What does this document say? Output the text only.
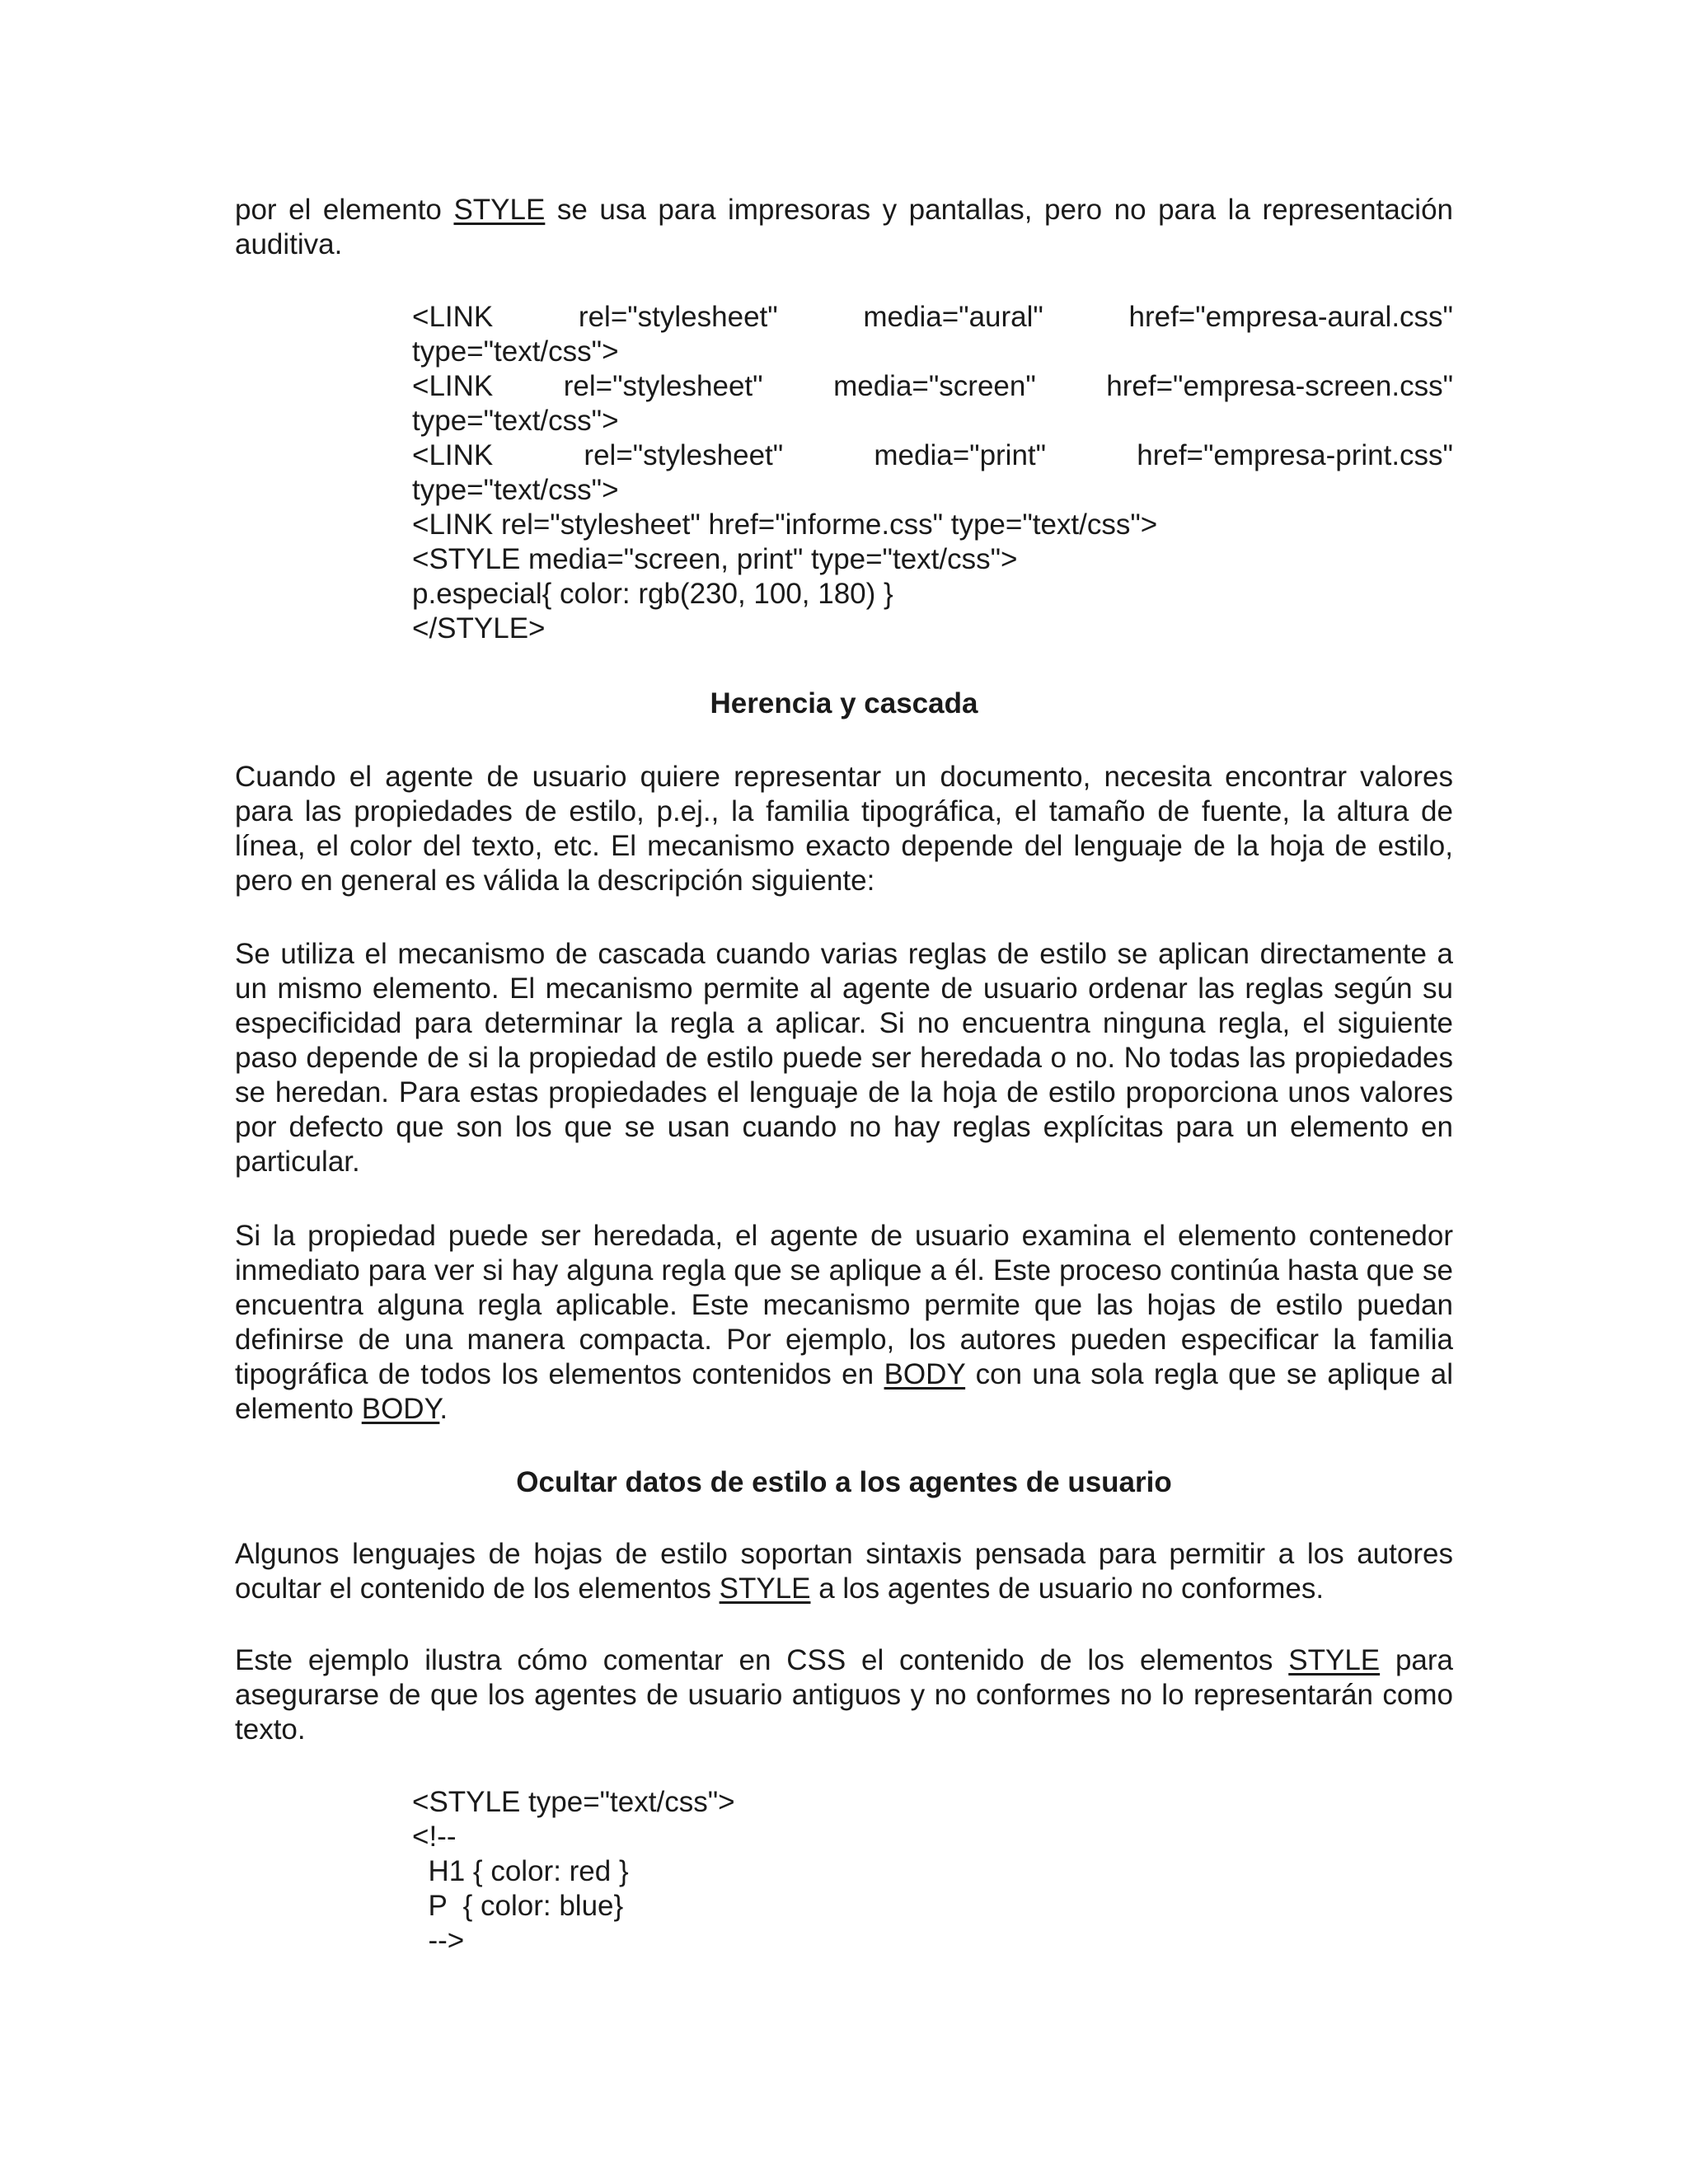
por el elemento STYLE se usa para impresoras y pantallas, pero no para la representación auditiva.

<LINK	rel="stylesheet"	media="aural"	href="empresa-aural.css"
type="text/css">
<LINK rel="stylesheet" media="screen" href="empresa-screen.css"
type="text/css">
<LINK	rel="stylesheet"	media="print"	href="empresa-print.css"
type="text/css">
<LINK rel="stylesheet" href="informe.css" type="text/css">
<STYLE media="screen, print" type="text/css">
p.especial{ color: rgb(230, 100, 180) }
</STYLE>
Herencia y cascada

Cuando el agente de usuario quiere representar un documento, necesita encontrar valores para las propiedades de estilo, p.ej., la familia tipográfica, el tamaño de fuente, la altura de línea, el color del texto, etc. El mecanismo exacto depende del lenguaje de la hoja de estilo, pero en general es válida la descripción siguiente:

Se utiliza el mecanismo de cascada cuando varias reglas de estilo se aplican directamente a un mismo elemento. El mecanismo permite al agente de usuario ordenar las reglas según su especificidad para determinar la regla a aplicar. Si no encuentra ninguna regla, el siguiente paso depende de si la propiedad de estilo puede ser heredada o no. No todas las propiedades se heredan. Para estas propiedades el lenguaje de la hoja de estilo proporciona unos valores por defecto que son los que se usan cuando no hay reglas explícitas para un elemento en particular.

Si la propiedad puede ser heredada, el agente de usuario examina el elemento contenedor inmediato para ver si hay alguna regla que se aplique a él. Este proceso continúa hasta que se encuentra alguna regla aplicable. Este mecanismo permite que las hojas de estilo puedan definirse de una manera compacta. Por ejemplo, los autores pueden especificar la familia tipográfica de todos los elementos contenidos en BODY con una sola regla que se aplique al elemento BODY.

Ocultar datos de estilo a los agentes de usuario

Algunos lenguajes de hojas de estilo soportan sintaxis pensada para permitir a los autores ocultar el contenido de los elementos STYLE a los agentes de usuario no conformes.

Este ejemplo ilustra cómo comentar en CSS el contenido de los elementos STYLE para asegurarse de que los agentes de usuario antiguos y no conformes no lo representarán como texto.

<STYLE type="text/css">
<!--
H1 { color: red }
P  { color: blue}
-->
